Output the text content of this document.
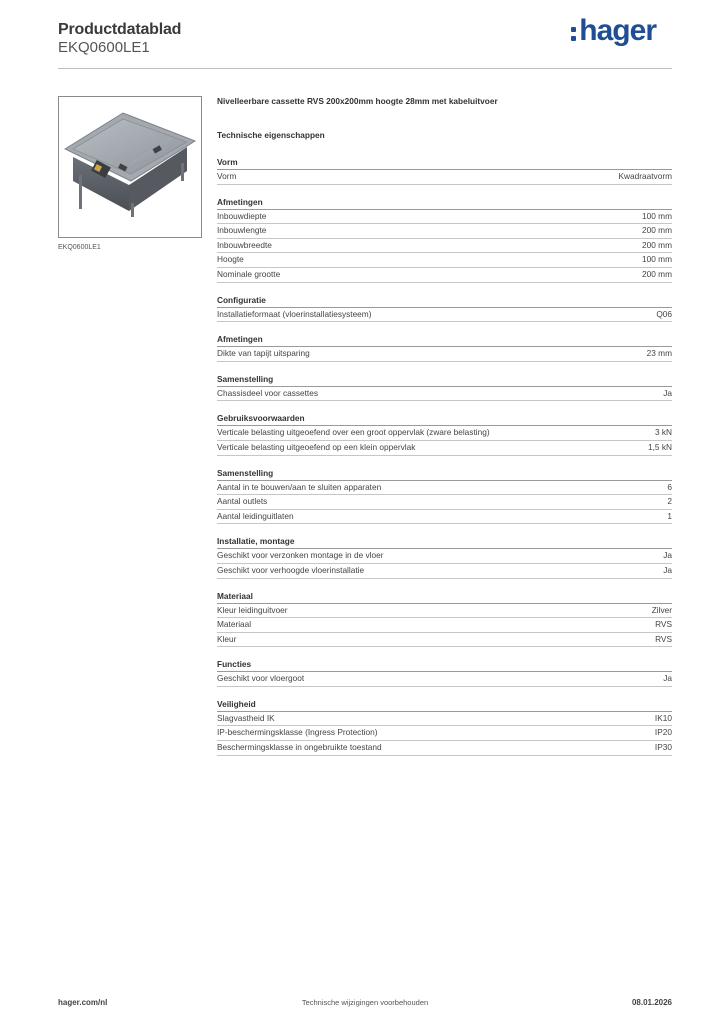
Productdatablad
EKQ0600LE1
hager
EKQ0600LE1
Nivelleerbare cassette RVS 200x200mm hoogte 28mm met kabeluitvoer
Technische eigenschappen
Vorm
Vorm	Kwadraatvorm
Afmetingen
Inbouwdiepte	100 mm
Inbouwlengte	200 mm
Inbouwbreedte	200 mm
Hoogte	100 mm
Nominale grootte	200 mm
Configuratie
Installatieformaat (vloerinstallatiesysteem)	Q06
Afmetingen
Dikte van tapijt uitsparing	23 mm
Samenstelling
Chassisdeel voor cassettes	Ja
Gebruiksvoorwaarden
Verticale belasting uitgeoefend over een groot oppervlak (zware belasting)	3 kN
Verticale belasting uitgeoefend op een klein oppervlak	1,5 kN
Samenstelling
Aantal in te bouwen/aan te sluiten apparaten	6
Aantal outlets	2
Aantal leidinguitlaten	1
Installatie, montage
Geschikt voor verzonken montage in de vloer	Ja
Geschikt voor verhoogde vloerinstallatie	Ja
Materiaal
Kleur leidinguitvoer	Zilver
Materiaal	RVS
Kleur	RVS
Functies
Geschikt voor vloergoot	Ja
Veiligheid
Slagvastheid IK	IK10
IP-beschermingsklasse (Ingress Protection)	IP20
Beschermingsklasse in ongebruikte toestand	IP30
hager.com/nl	Technische wijzigingen voorbehouden	08.01.2026
